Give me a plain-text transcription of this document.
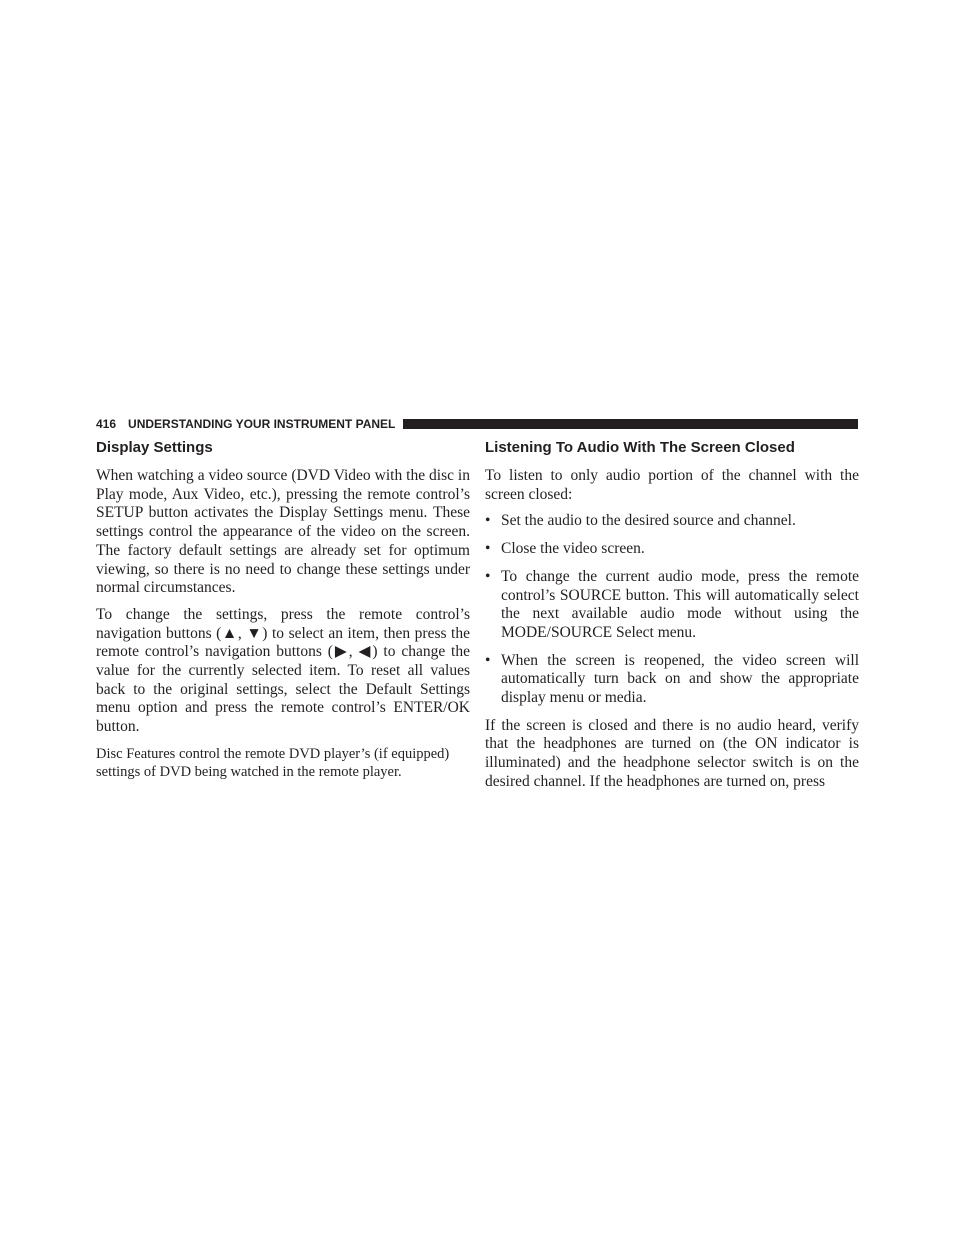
416 UNDERSTANDING YOUR INSTRUMENT PANEL
Display Settings

When watching a video source (DVD Video with the disc in Play mode, Aux Video, etc.), pressing the remote control’s SETUP button activates the Display Settings menu. These settings control the appearance of the video on the screen. The factory default settings are already set for optimum viewing, so there is no need to change these settings under normal circumstances.

To change the settings, press the remote control’s navigation buttons (▲, ▼) to select an item, then press the remote control’s navigation buttons (▶, ◀) to change the value for the currently selected item. To reset all values back to the original settings, select the Default Settings menu option and press the remote control’s ENTER/OK button.

Disc Features control the remote DVD player’s (if equipped) settings of DVD being watched in the remote player.

Listening To Audio With The Screen Closed

To listen to only audio portion of the channel with the screen closed:

• Set the audio to the desired source and channel.
• Close the video screen.
• To change the current audio mode, press the remote control’s SOURCE button. This will automatically select the next available audio mode without using the MODE/SOURCE Select menu.
• When the screen is reopened, the video screen will automatically turn back on and show the appropriate display menu or media.

If the screen is closed and there is no audio heard, verify that the headphones are turned on (the ON indicator is illuminated) and the headphone selector switch is on the desired channel. If the headphones are turned on, press
